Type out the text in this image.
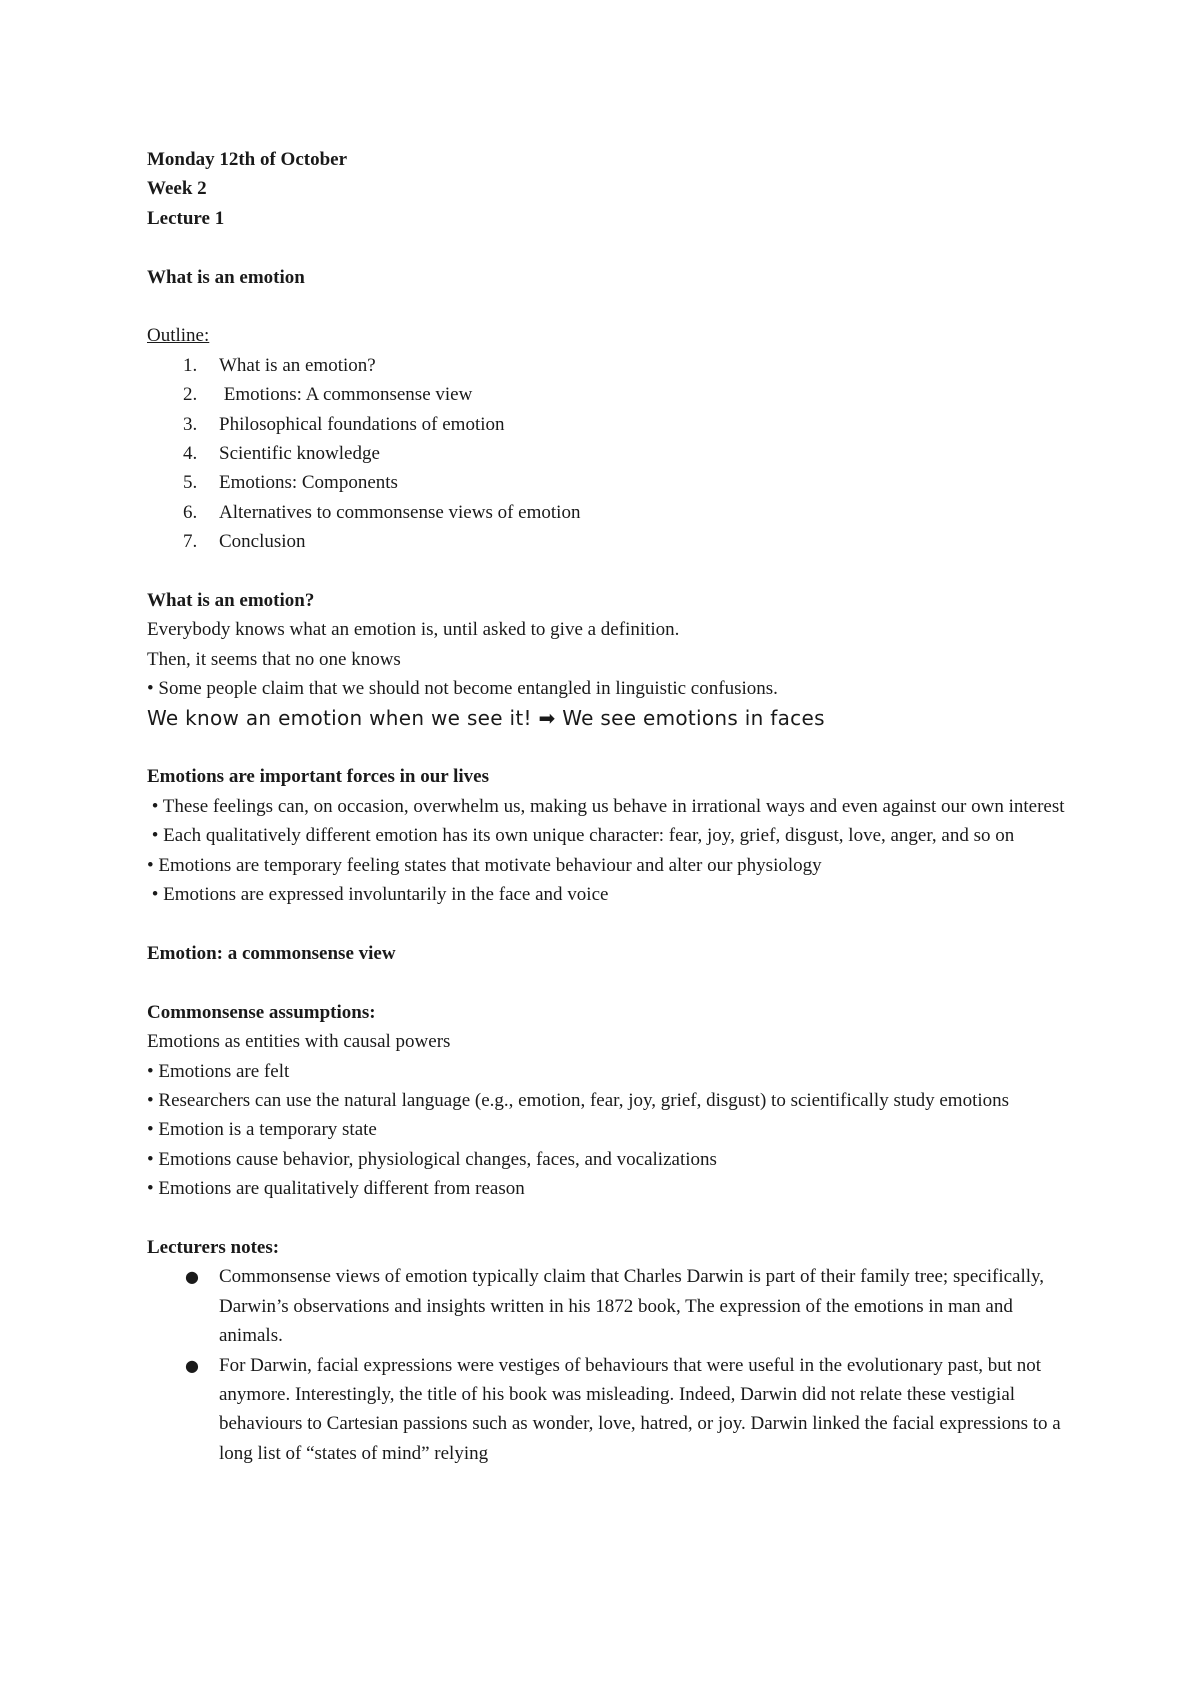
Monday 12th of October
Week 2
Lecture 1
What is an emotion
Outline:
1. What is an emotion?
2. Emotions: A commonsense view
3. Philosophical foundations of emotion
4. Scientific knowledge
5. Emotions: Components
6. Alternatives to commonsense views of emotion
7. Conclusion
What is an emotion?
Everybody knows what an emotion is, until asked to give a definition.
Then, it seems that no one knows
• Some people claim that we should not become entangled in linguistic confusions.
We know an emotion when we see it! ➡ We see emotions in faces
Emotions are important forces in our lives
• These feelings can, on occasion, overwhelm us, making us behave in irrational ways and even against our own interest
• Each qualitatively different emotion has its own unique character: fear, joy, grief, disgust, love, anger, and so on
• Emotions are temporary feeling states that motivate behaviour and alter our physiology
• Emotions are expressed involuntarily in the face and voice
Emotion: a commonsense view
Commonsense assumptions:
Emotions as entities with causal powers
• Emotions are felt
• Researchers can use the natural language (e.g., emotion, fear, joy, grief, disgust) to scientifically study emotions
• Emotion is a temporary state
• Emotions cause behavior, physiological changes, faces, and vocalizations
• Emotions are qualitatively different from reason
Lecturers notes:
● Commonsense views of emotion typically claim that Charles Darwin is part of their family tree; specifically, Darwin’s observations and insights written in his 1872 book, The expression of the emotions in man and animals.
● For Darwin, facial expressions were vestiges of behaviours that were useful in the evolutionary past, but not anymore. Interestingly, the title of his book was misleading. Indeed, Darwin did not relate these vestigial behaviours to Cartesian passions such as wonder, love, hatred, or joy. Darwin linked the facial expressions to a long list of “states of mind” relying
